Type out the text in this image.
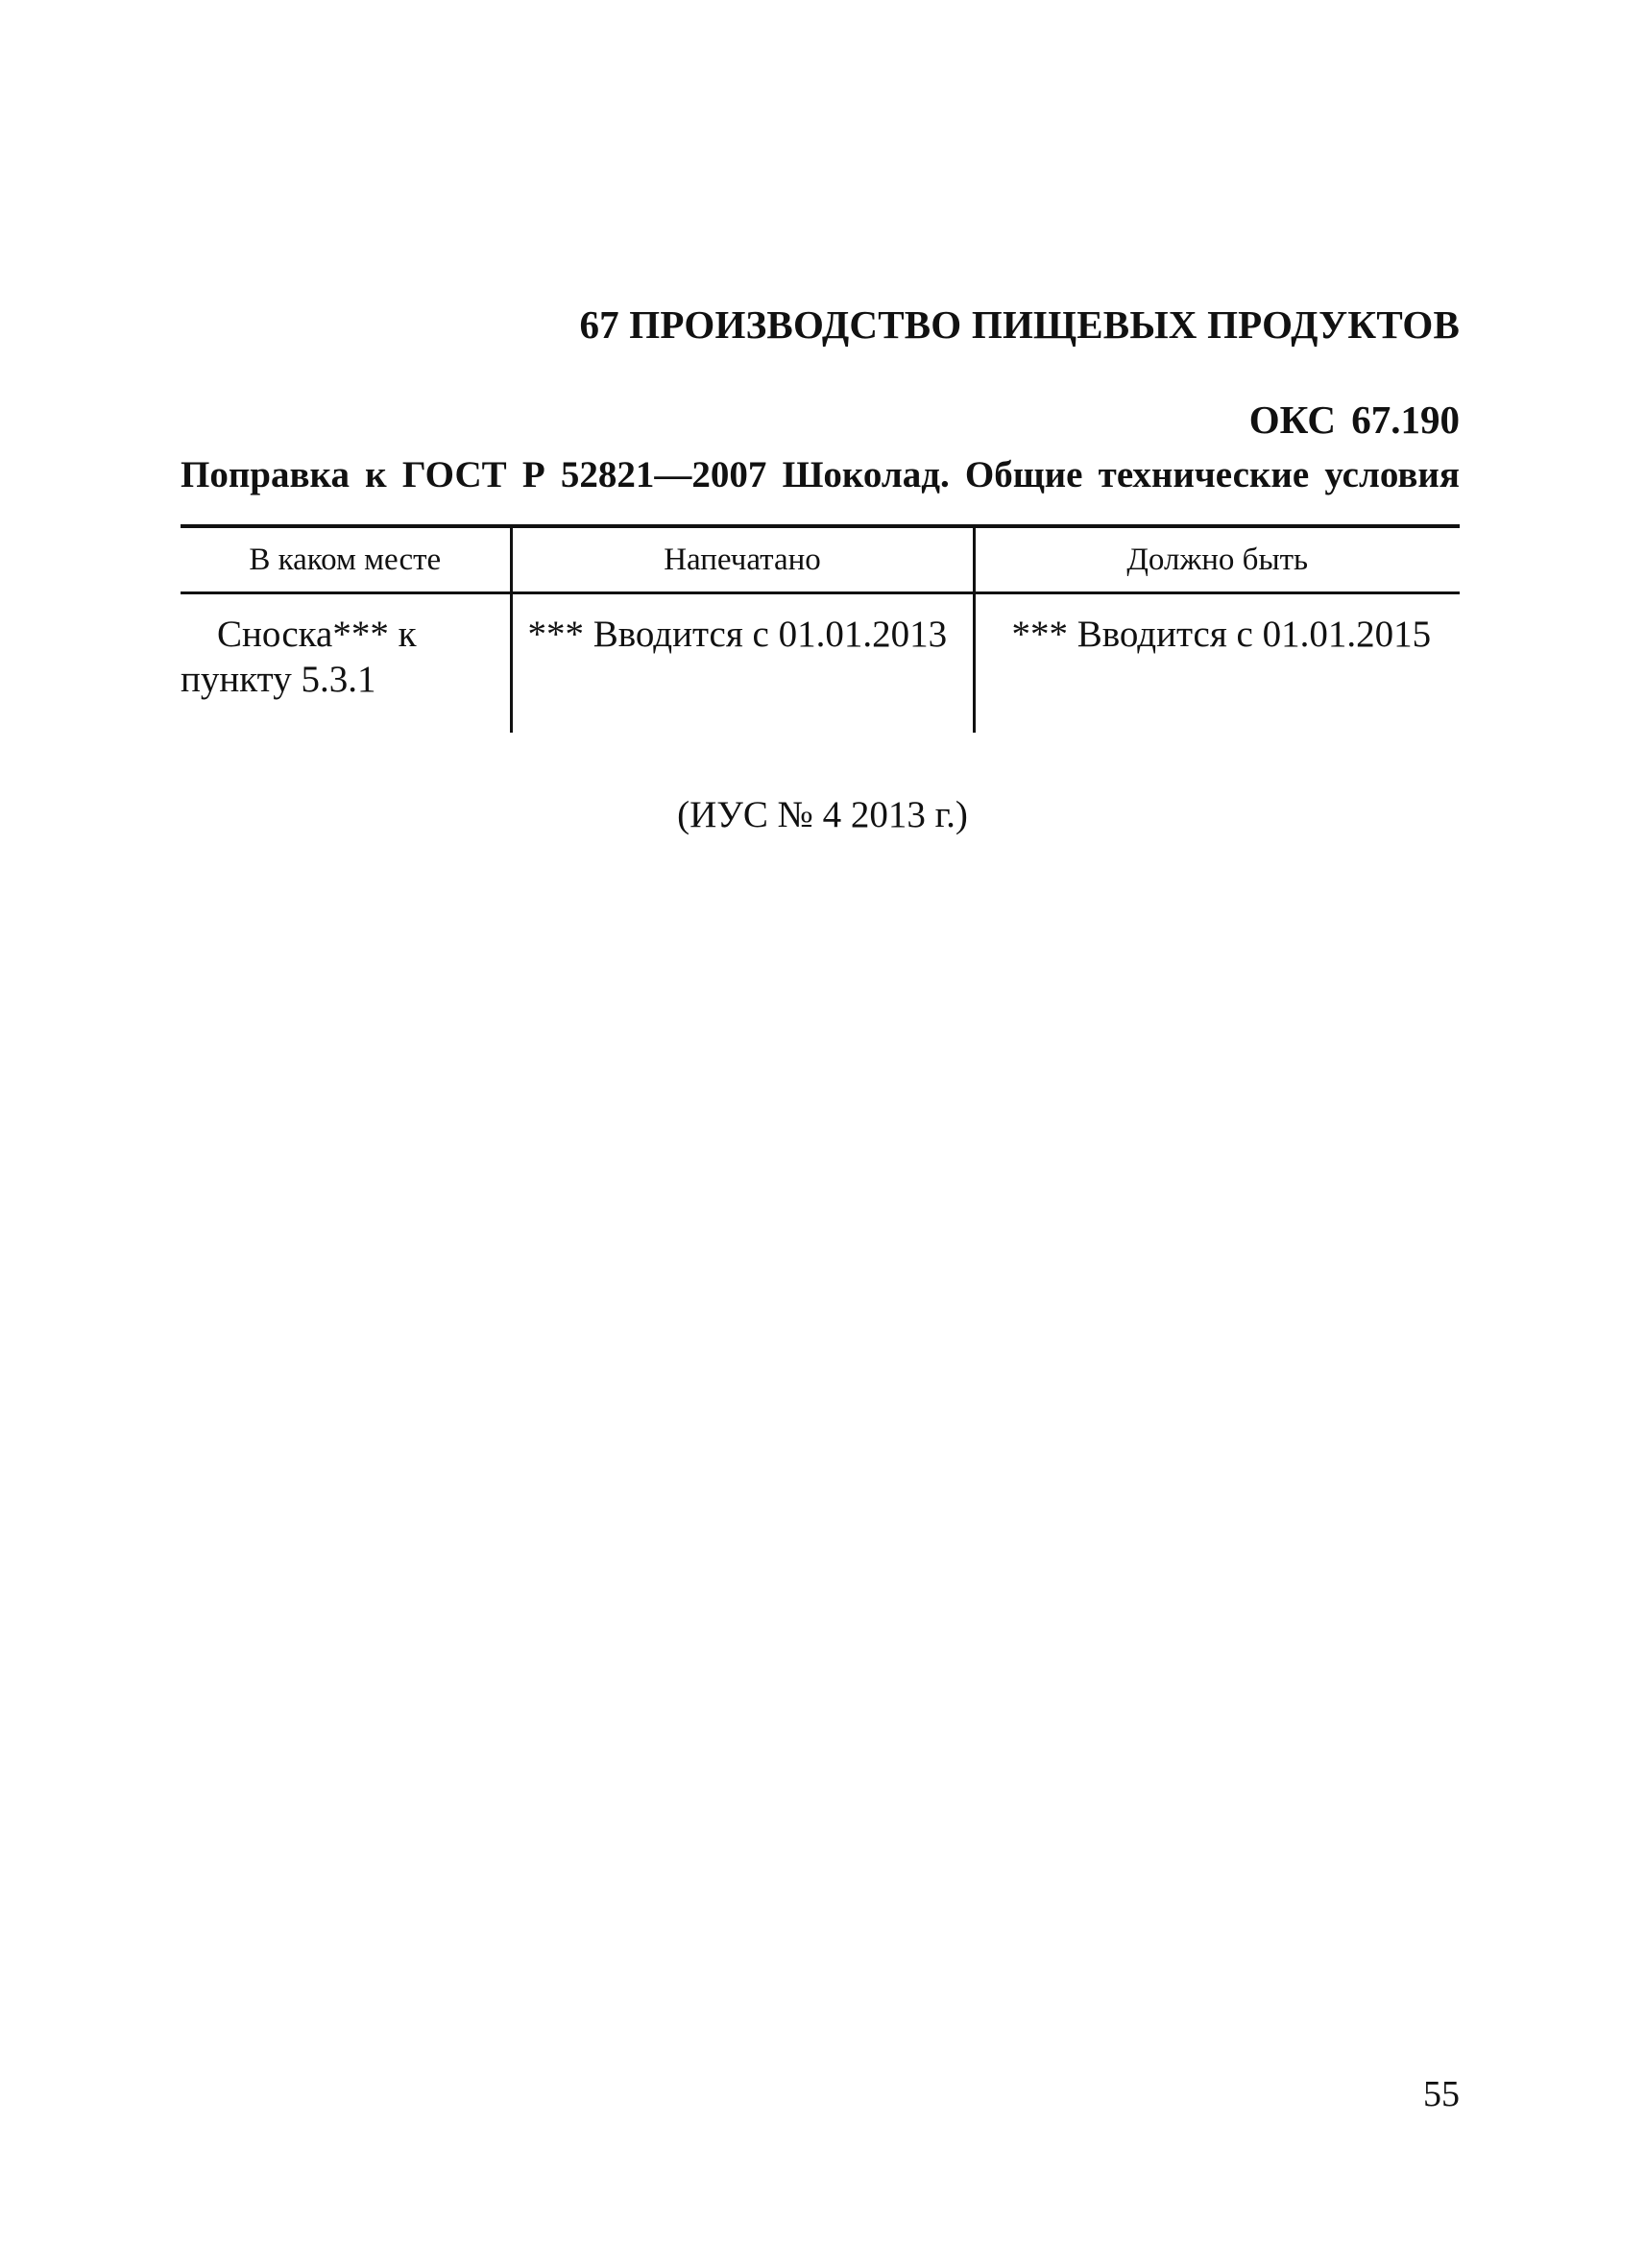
67 ПРОИЗВОДСТВО ПИЩЕВЫХ ПРОДУКТОВ
ОКС 67.190
Поправка к ГОСТ Р 52821—2007 Шоколад. Общие технические условия
В каком месте	Напечатано	Должно быть

Сноска*** к
пункту 5.3.1	*** Вводится с 01.01.2013	*** Вводится с 01.01.2015
(ИУС № 4 2013 г.)
55
